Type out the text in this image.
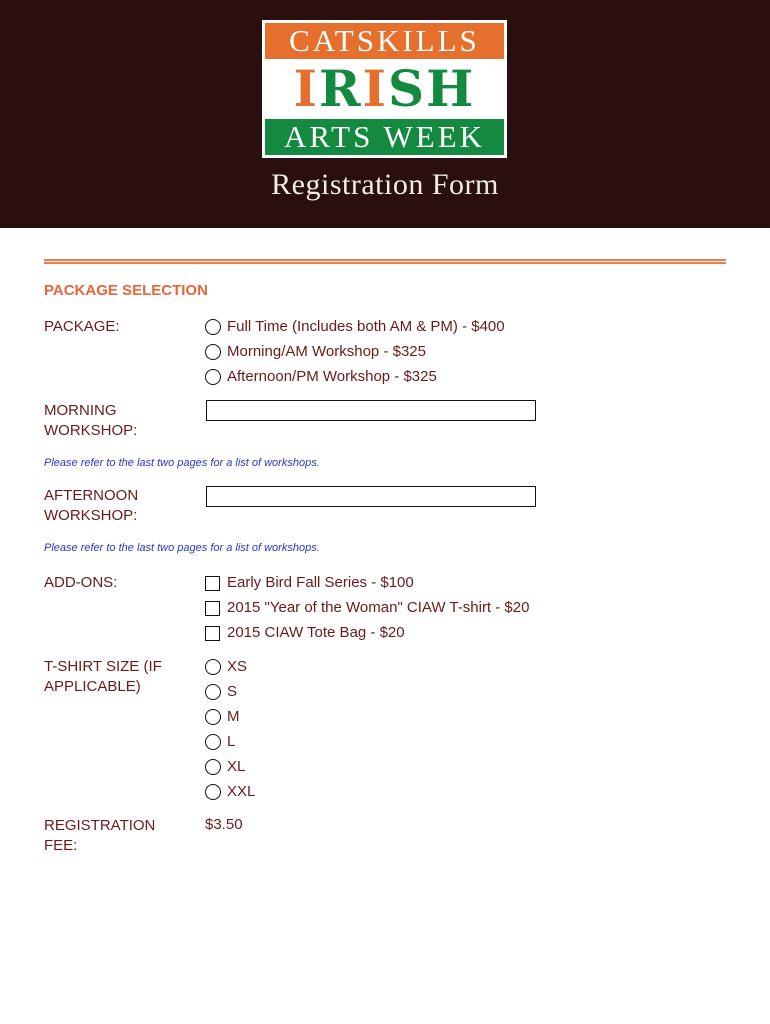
CATSKILLS
IRISH
ARTS WEEK
Registration Form
PACKAGE SELECTION
PACKAGE:	Full Time (Includes both AM & PM) - $400
Morning/AM Workshop - $325
Afternoon/PM Workshop - $325
MORNING
WORKSHOP:
Please refer to the last two pages for a list of workshops.
AFTERNOON
WORKSHOP:
Please refer to the last two pages for a list of workshops.
ADD-ONS:	Early Bird Fall Series - $100
2015 "Year of the Woman" CIAW T-shirt - $20
2015 CIAW Tote Bag - $20
T-SHIRT SIZE (IF
APPLICABLE)
XS
S
M
L
XL
XXL
REGISTRATION
FEE:
$3.50
